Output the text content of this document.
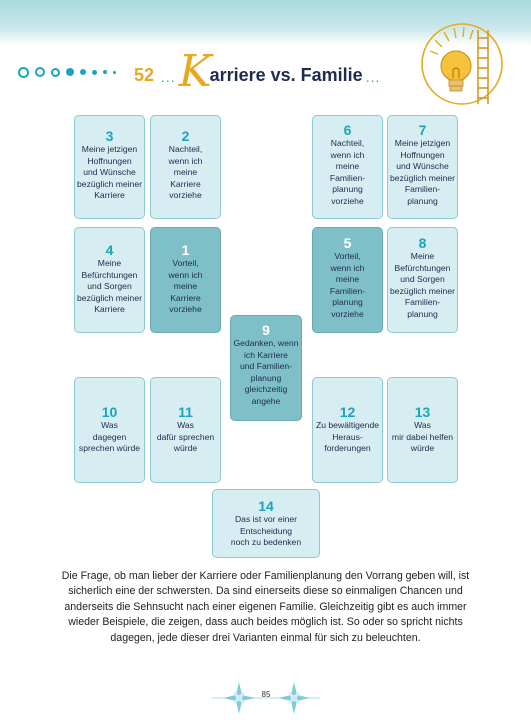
52 ... K
arriere vs. Familie ...
3
Meine jetzigen
Hoffnungen
und Wünsche
bezüglich meiner
Karriere
2
Nachteil,
wenn ich
meine
Karriere
vorziehe
6
Nachteil,
wenn ich
meine
Familien-
planung
vorziehe
7
Meine jetzigen
Hoffnungen
und Wünsche
bezüglich meiner
Familien-
planung
4
Meine
Befürchtungen
und Sorgen
bezüglich meiner
Karriere
1
Vorteil,
wenn ich
meine
Karriere
vorziehe
5
Vorteil,
wenn ich
meine
Familien-
planung
vorziehe
8
Meine
Befürchtungen
und Sorgen
bezüglich meiner
Familien-
planung
9
Gedanken, wenn
ich Karriere
und Familien-
planung
gleichzeitig
angehe
10
Was
dagegen
sprechen würde
11
Was
dafür sprechen
würde
12
Zu bewältigende
Heraus-
forderungen
13
Was
mir dabei helfen
würde
14
Das ist vor einer
Entscheidung
noch zu bedenken
Die Frage, ob man lieber der Karriere oder Familienplanung den Vorrang geben will, ist sicherlich eine der schwersten. Da sind einerseits diese so einmaligen Chancen und anderseits die Sehnsucht nach einer eigenen Familie. Gleichzeitig gibt es auch immer wieder Beispiele, die zeigen, dass auch beides möglich ist. So oder so spricht nichts dagegen, jede dieser drei Varianten einmal für sich zu beleuchten.
85
